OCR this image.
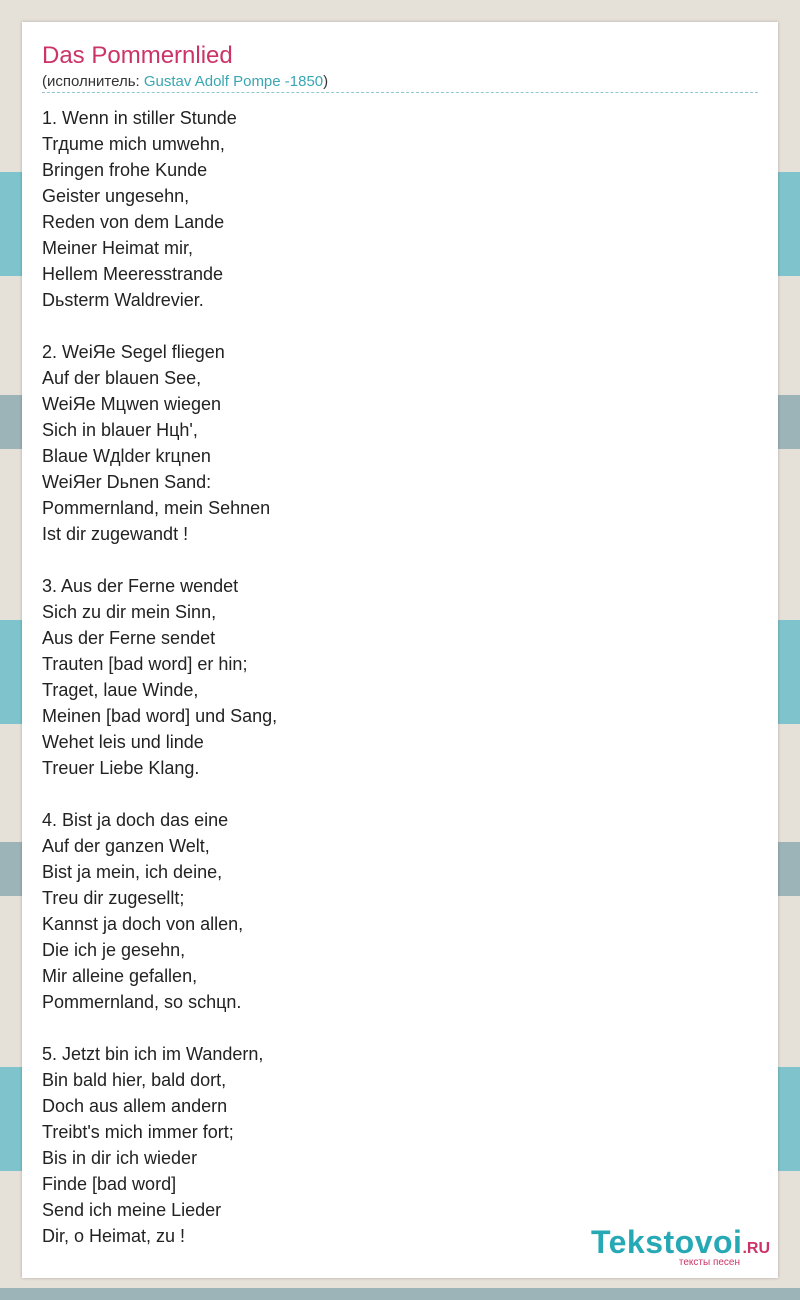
Das Pommernlied
(исполнитель: Gustav Adolf Pompe -1850)
1. Wenn in stiller Stunde
Trдume mich umwehn,
Bringen frohe Kunde
Geister ungesehn,
Reden von dem Lande
Meiner Heimat mir,
Hellem Meeresstrande
Dьsterm Waldrevier.
2. WeiЯe Segel fliegen
Auf der blauen See,
WeiЯe Mцwen wiegen
Sich in blauer Hцh',
Blaue Wдlder krцnen
WeiЯer Dьnen Sand:
Pommernland, mein Sehnen
Ist dir zugewandt !
3. Aus der Ferne wendet
Sich zu dir mein Sinn,
Aus der Ferne sendet
Trauten [bad word] er hin;
Traget, laue Winde,
Meinen [bad word] und Sang,
Wehet leis und linde
Treuer Liebe Klang.
4. Bist ja doch das eine
Auf der ganzen Welt,
Bist ja mein, ich deine,
Treu dir zugesellt;
Kannst ja doch von allen,
Die ich je gesehn,
Mir alleine gefallen,
Pommernland, so schцn.
5. Jetzt bin ich im Wandern,
Bin bald hier, bald dort,
Doch aus allem andern
Treibt's mich immer fort;
Bis in dir ich wieder
Finde [bad word]
Send ich meine Lieder
Dir, o Heimat, zu !	Tekstovoi.RU
тексты песен
